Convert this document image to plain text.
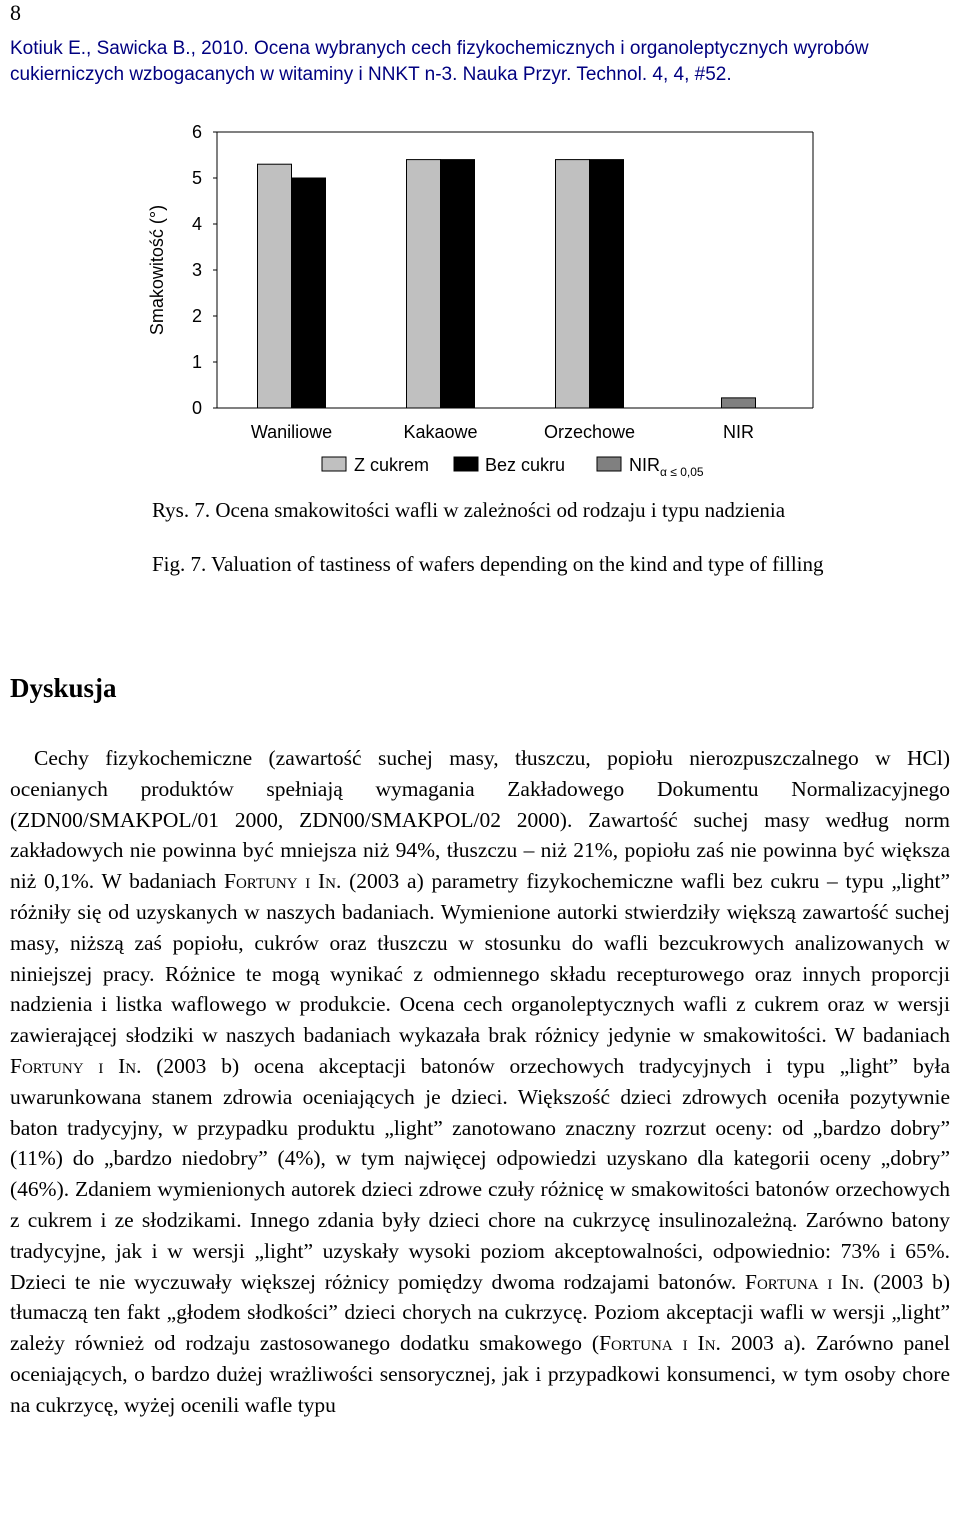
8
Kotiuk E., Sawicka B., 2010. Ocena wybranych cech fizykochemicznych i organoleptycznych wyrobów cukierniczych wzbogacanych w witaminy i NNKT n-3. Nauka Przyr. Technol. 4, 4, #52.
0
1
2
3
4
5
6
Waniliowe	Kakaowe	Orzechowe	NIR
Smakowitość (°)
Z cukrem	Bez cukru	$NIR_{\alpha \le 0,05}$
Rys. 7. Ocena smakowitości wafli w zależności od rodzaju i typu nadzienia
Fig. 7. Valuation of tastiness of wafers depending on the kind and type of filling
Dyskusja
Cechy fizykochemiczne (zawartość suchej masy, tłuszczu, popiołu nierozpuszczalnego w HCl) ocenianych produktów spełniają wymagania Zakładowego Dokumentu Normalizacyjnego (ZDN00/SMAKPOL/01 2000, ZDN00/SMAKPOL/02 2000). Zawartość suchej masy według norm zakładowych nie powinna być mniejsza niż 94%, tłuszczu – niż 21%, popiołu zaś nie powinna być większa niż 0,1%. W badaniach Fortuny i In. (2003 a) parametry fizykochemiczne wafli bez cukru – typu „light” różniły się od uzyskanych w naszych badaniach. Wymienione autorki stwierdziły większą zawartość suchej masy, niższą zaś popiołu, cukrów oraz tłuszczu w stosunku do wafli bezcukrowych analizowanych w niniejszej pracy. Różnice te mogą wynikać z odmiennego składu recepturowego oraz innych proporcji nadzienia i listka waflowego w produkcie. Ocena cech organoleptycznych wafli z cukrem oraz w wersji zawierającej słodziki w naszych badaniach wykazała brak różnicy jedynie w smakowitości. W badaniach Fortuny i In. (2003 b) ocena akceptacji batonów orzechowych tradycyjnych i typu „light” była uwarunkowana stanem zdrowia oceniających je dzieci. Większość dzieci zdrowych oceniła pozytywnie baton tradycyjny, w przypadku produktu „light” zanotowano znaczny rozrzut oceny: od „bardzo dobry” (11%) do „bardzo niedobry” (4%), w tym najwięcej odpowiedzi uzyskano dla kategorii oceny „dobry” (46%). Zdaniem wymienionych autorek dzieci zdrowe czuły różnicę w smakowitości batonów orzechowych z cukrem i ze słodzikami. Innego zdania były dzieci chore na cukrzycę insulinozależną. Zarówno batony tradycyjne, jak i w wersji „light” uzyskały wysoki poziom akceptowalności, odpowiednio: 73% i 65%. Dzieci te nie wyczuwały większej różnicy pomiędzy dwoma rodzajami batonów. Fortuna i In. (2003 b) tłumaczą ten fakt „głodem słodkości” dzieci chorych na cukrzycę. Poziom akceptacji wafli w wersji „light” zależy również od rodzaju zastosowanego dodatku smakowego (Fortuna i In. 2003 a). Zarówno panel oceniających, o bardzo dużej wrażliwości sensorycznej, jak i przypadkowi konsumenci, w tym osoby chore na cukrzycę, wyżej ocenili wafle typu
